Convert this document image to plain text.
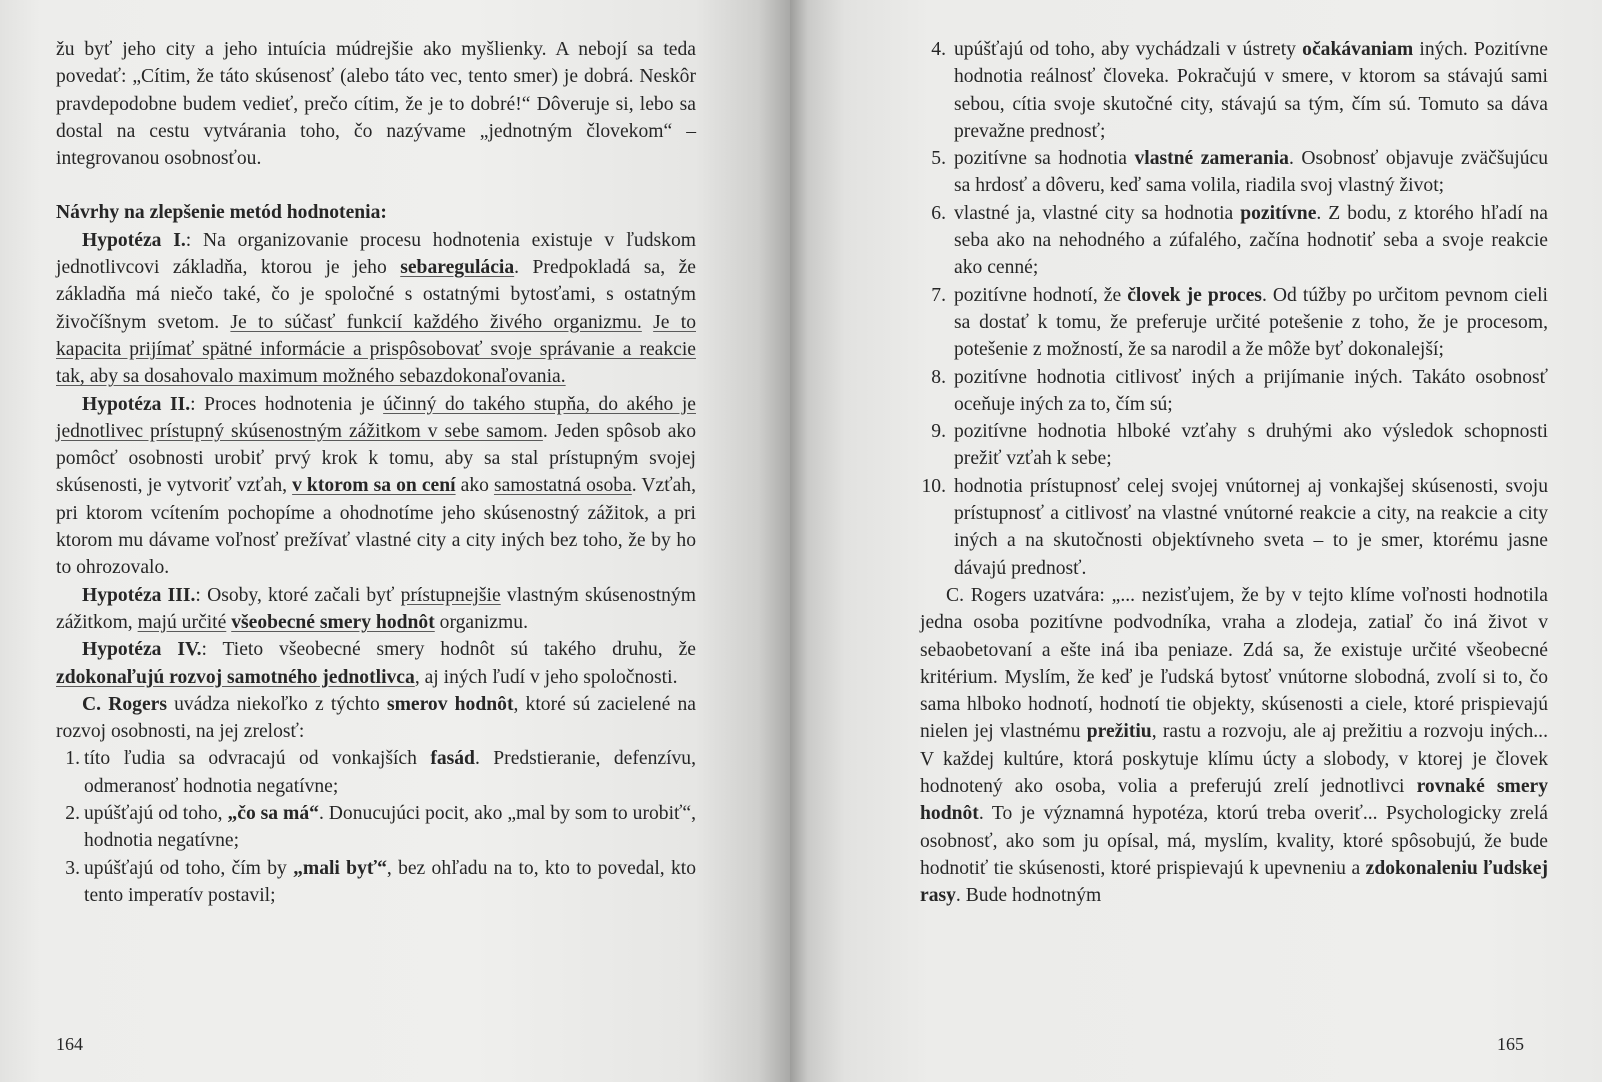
žu byť jeho city a jeho intuícia múdrejšie ako myšlienky. A nebojí sa teda povedať: „Cítim, že táto skúsenosť (alebo táto vec, tento smer) je dobrá. Neskôr pravdepodobne budem vedieť, prečo cítim, že je to dobré!“ Dôveruje si, lebo sa dostal na cestu vytvárania toho, čo nazývame „jednotným človekom“ – integrovanou osobnosťou.

Návrhy na zlepšenie metód hodnotenia:

Hypotéza I.: Na organizovanie procesu hodnotenia existuje v ľudskom jednotlivcovi základňa, ktorou je jeho sebaregulácia. Predpokladá sa, že základňa má niečo také, čo je spoločné s ostatnými bytosťami, s ostatným živočíšnym svetom. Je to súčasť funkcií každého živého organizmu. Je to kapacita prijímať spätné informácie a prispôsobovať svoje správanie a reakcie tak, aby sa dosahovalo maximum možného sebazdokonaľovania.

Hypotéza II.: Proces hodnotenia je účinný do takého stupňa, do akého je jednotlivec prístupný skúsenostným zážitkom v sebe samom. Jeden spôsob ako pomôcť osobnosti urobiť prvý krok k tomu, aby sa stal prístupným svojej skúsenosti, je vytvoriť vzťah, v ktorom sa on cení ako samostatná osoba. Vzťah, pri ktorom vcítením pochopíme a ohodnotíme jeho skúsenostný zážitok, a pri ktorom mu dávame voľnosť prežívať vlastné city a city iných bez toho, že by ho to ohrozovalo.

Hypotéza III.: Osoby, ktoré začali byť prístupnejšie vlastným skúsenostným zážitkom, majú určité všeobecné smery hodnôt organizmu.

Hypotéza IV.: Tieto všeobecné smery hodnôt sú takého druhu, že zdokonaľujú rozvoj samotného jednotlivca, aj iných ľudí v jeho spoločnosti.

C. Rogers uvádza niekoľko z týchto smerov hodnôt, ktoré sú zacielené na rozvoj osobnosti, na jej zrelosť:

1. títo ľudia sa odvracajú od vonkajších fasád. Predstieranie, defenzívu, odmeranosť hodnotia negatívne;
2. upúšťajú od toho, „čo sa má“. Donucujúci pocit, ako „mal by som to urobiť“, hodnotia negatívne;
3. upúšťajú od toho, čím by „mali byť“, bez ohľadu na to, kto to povedal, kto tento imperatív postavil;
164
4. upúšťajú od toho, aby vychádzali v ústrety očakávaniam iných. Pozitívne hodnotia reálnosť človeka. Pokračujú v smere, v ktorom sa stávajú sami sebou, cítia svoje skutočné city, stávajú sa tým, čím sú. Tomuto sa dáva prevažne prednosť;
5. pozitívne sa hodnotia vlastné zamerania. Osobnosť objavuje zväčšujúcu sa hrdosť a dôveru, keď sama volila, riadila svoj vlastný život;
6. vlastné ja, vlastné city sa hodnotia pozitívne. Z bodu, z ktorého hľadí na seba ako na nehodného a zúfalého, začína hodnotiť seba a svoje reakcie ako cenné;
7. pozitívne hodnotí, že človek je proces. Od túžby po určitom pevnom cieli sa dostať k tomu, že preferuje určité potešenie z toho, že je procesom, potešenie z možností, že sa narodil a že môže byť dokonalejší;
8. pozitívne hodnotia citlivosť iných a prijímanie iných. Takáto osobnosť oceňuje iných za to, čím sú;
9. pozitívne hodnotia hlboké vzťahy s druhými ako výsledok schopnosti prežiť vzťah k sebe;
10. hodnotia prístupnosť celej svojej vnútornej aj vonkajšej skúsenosti, svoju prístupnosť a citlivosť na vlastné vnútorné reakcie a city, na reakcie a city iných a na skutočnosti objektívneho sveta – to je smer, ktorému jasne dávajú prednosť.

C. Rogers uzatvára: „... nezisťujem, že by v tejto klíme voľnosti hodnotila jedna osoba pozitívne podvodníka, vraha a zlodeja, zatiaľ čo iná život v sebaobetovaní a ešte iná iba peniaze. Zdá sa, že existuje určité všeobecné kritérium. Myslím, že keď je ľudská bytosť vnútorne slobodná, zvolí si to, čo sama hlboko hodnotí, hodnotí tie objekty, skúsenosti a ciele, ktoré prispievajú nielen jej vlastnému prežitiu, rastu a rozvoju, ale aj prežitiu a rozvoju iných... V každej kultúre, ktorá poskytuje klímu úcty a slobody, v ktorej je človek hodnotený ako osoba, volia a preferujú zrelí jednotlivci rovnaké smery hodnôt. To je významná hypotéza, ktorú treba overiť... Psychologicky zrelá osobnosť, ako som ju opísal, má, myslím, kvality, ktoré spôsobujú, že bude hodnotiť tie skúsenosti, ktoré prispievajú k upevneniu a zdokonaleniu ľudskej rasy. Bude hodnotným

165
